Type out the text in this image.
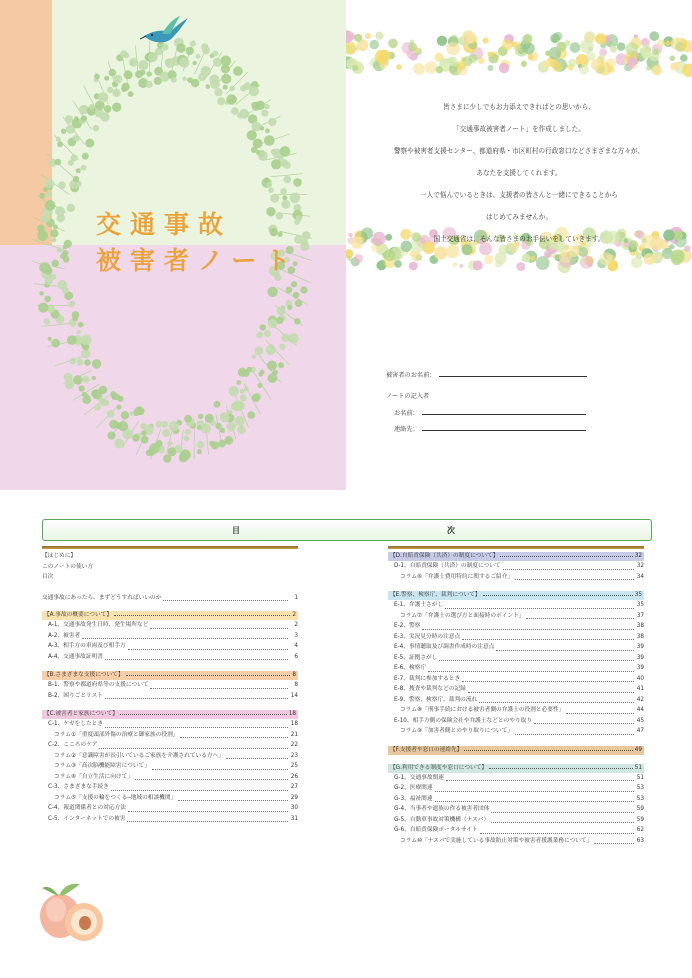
交通事故
被害者ノート
皆さまに少しでもお力添えできればとの思いから、
「交通事故被害者ノート」を作成しました。
警察や被害者支援センター、都道府県・市区町村の行政窓口などさまざまな方々が、
あなたを支援してくれます。
一人で悩んでいるときは、支援者の皆さんと一緒にできることから
はじめてみませんか。
国土交通省は、そんな皆さまのお手伝いをしていきます。
被害者のお名前：
ノートの記入者
お名前：
連絡先：
目	次
【はじめに】
このノートの使い方
目次
交通事故にあったら、まずどうすればいいのか	1
【A.事故の概要について】	2
A-1、交通事故発生日時、発生場所など	2
A-2、被害者	3
A-3、相手方の車両及び相手方	4
A-4、交通事故証明書	6
【B.さまざまな支援について】	8
B-1、警察や都道府県等の支援について	8
B-2、困りごとリスト	14
【C.被害者と家族について】	18
C-1、ケガをしたとき	18
コラム①「重度頭部外傷の治療と御家族の役割」	21
C-2、こころのケア	22
コラム②「意識障害が長引いているご家族を介護されている方へ」	23
コラム③「高次脳機能障害について」	25
コラム④「自立生活に向けて」	26
C-3、さまざまな手続き	27
コラム⑤「支援の輪をつくる─地域の相談機関」	29
C-4、報道関係者との対応方法	30
C-5、インターネットでの被害	31
【D.自賠責保険（共済）の制度について】	32
D-1、自賠責保険（共済）の制度について	32
コラム⑥「弁護士費用特約に関するご紹介」	34
【E.警察、検察庁、裁判について】	35
E-1、弁護士さがし	35
コラム⑦「弁護士の選び方と面接時のポイント」	37
E-2、警察	38
E-3、実況見分時の注意点	38
E-4、事情聴取及び調書作成時の注意点	39
E-5、証拠さがし	39
E-6、検察庁	39
E-7、裁判に参加するとき	40
E-8、捜査や裁判などの記録	41
E-9、警察、検察庁、裁判の流れ	42
コラム⑧「刑事手続における被害者側の弁護士の役割と必要性」	44
E-10、相手方側の保険会社や弁護士などとのやり取り	45
コラム⑨「加害者側とのやり取りについて」	47
【F.支援者や窓口の連絡先】	49
【G.利用できる制度や窓口について】	51
G-1、交通事故関連	51
G-2、医療関連	53
G-3、福祉関連	53
G-4、当事者や遺族の作る被害者団体	59
G-5、自動車事故対策機構（ナスバ）	59
G-6、自賠責保険ポータルサイト	62
コラム⑩「ナスバで実施している事故防止対策や被害者援護業務について」	63
